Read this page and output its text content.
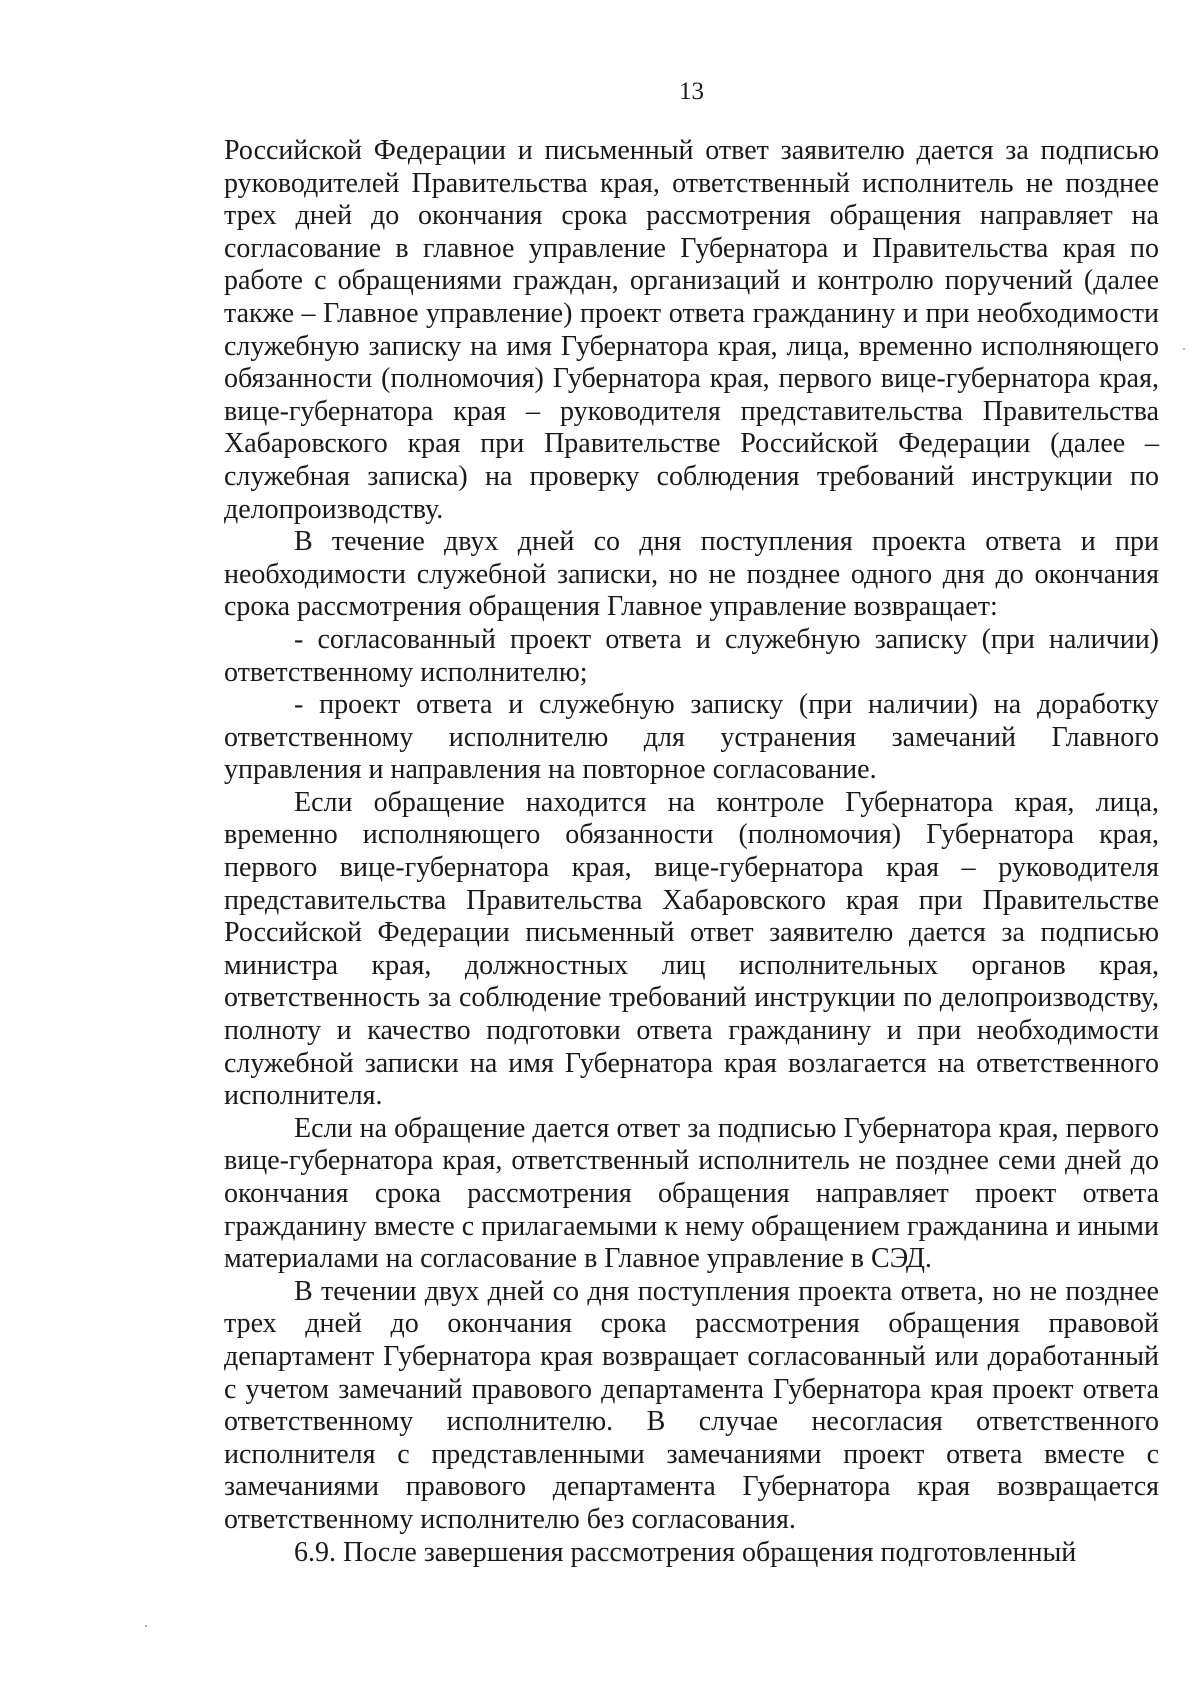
13

Российской Федерации и письменный ответ заявителю дается за подписью руководителей Правительства края, ответственный исполнитель не позднее трех дней до окончания срока рассмотрения обращения направляет на согласование в главное управление Губернатора и Правительства края по работе с обращениями граждан, организаций и контролю поручений (далее также – Главное управление) проект ответа гражданину и при необходимости служебную записку на имя Губернатора края, лица, временно исполняющего обязанности (полномочия) Губернатора края, первого вице-губернатора края, вице-губернатора края – руководителя представительства Правительства Хабаровского края при Правительстве Российской Федерации (далее – служебная записка) на проверку соблюдения требований инструкции по делопроизводству.

В течение двух дней со дня поступления проекта ответа и при необходимости служебной записки, но не позднее одного дня до окончания срока рассмотрения обращения Главное управление возвращает:

- согласованный проект ответа и служебную записку (при наличии) ответственному исполнителю;

- проект ответа и служебную записку (при наличии) на доработку ответственному исполнителю для устранения замечаний Главного управления и направления на повторное согласование.

Если обращение находится на контроле Губернатора края, лица, временно исполняющего обязанности (полномочия) Губернатора края, первого вице-губернатора края, вице-губернатора края – руководителя представительства Правительства Хабаровского края при Правительстве Российской Федерации письменный ответ заявителю дается за подписью министра края, должностных лиц исполнительных органов края, ответственность за соблюдение требований инструкции по делопроизводству, полноту и качество подготовки ответа гражданину и при необходимости служебной записки на имя Губернатора края возлагается на ответственного исполнителя.

Если на обращение дается ответ за подписью Губернатора края, первого вице-губернатора края, ответственный исполнитель не позднее семи дней до окончания срока рассмотрения обращения направляет проект ответа гражданину вместе с прилагаемыми к нему обращением гражданина и иными материалами на согласование в Главное управление в СЭД.

В течении двух дней со дня поступления проекта ответа, но не позднее трех дней до окончания срока рассмотрения обращения правовой департамент Губернатора края возвращает согласованный или доработанный с учетом замечаний правового департамента Губернатора края проект ответа ответственному исполнителю. В случае несогласия ответственного исполнителя с представленными замечаниями проект ответа вместе с замечаниями правового департамента Губернатора края возвращается ответственному исполнителю без согласования.

6.9. После завершения рассмотрения обращения подготовленный
